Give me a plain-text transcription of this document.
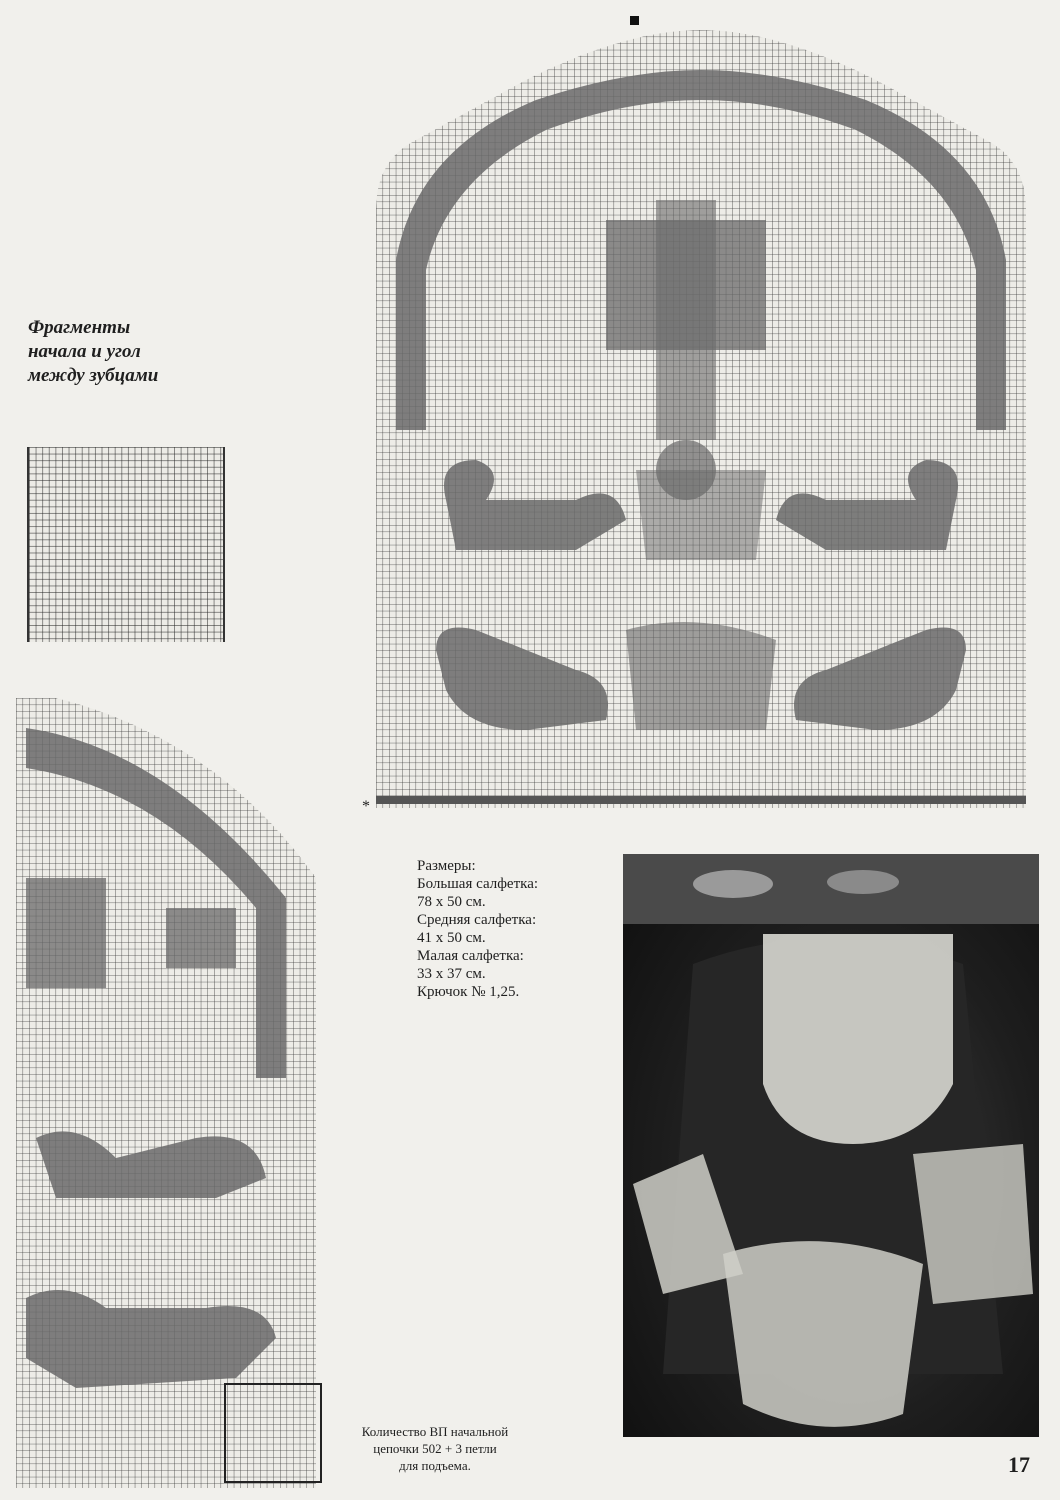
*
Фрагменты
начала и угол
между зубцами
Размеры:
Большая салфетка:
78 х 50 см.
Средняя салфетка:
41 х 50 см.
Малая салфетка:
33 х 37 см.
Крючок № 1,25.
Количество ВП начальной
цепочки 502 + 3 петли
для подъема.	17
